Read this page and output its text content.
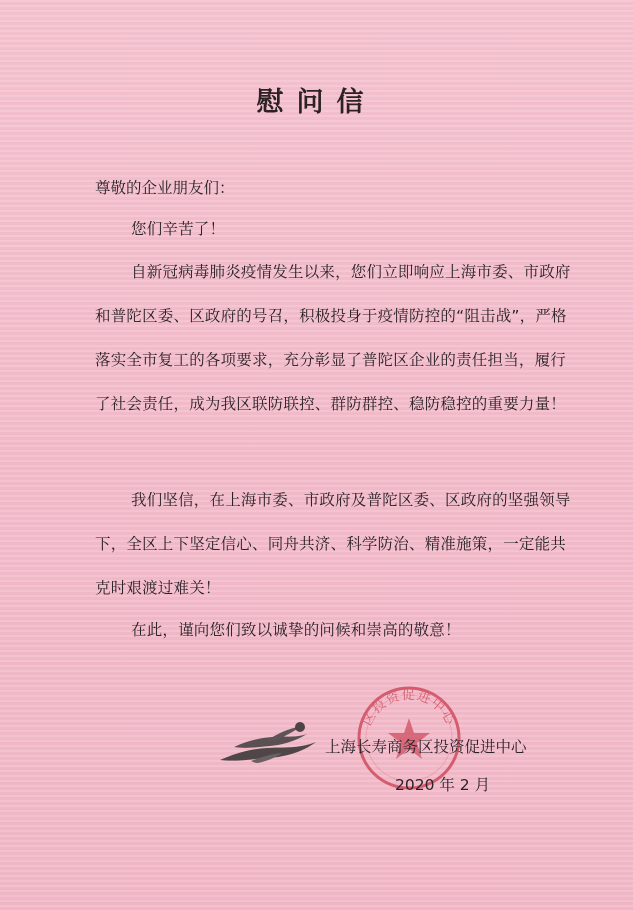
慰问信
尊敬的企业朋友们：
您们辛苦了！
自新冠病毒肺炎疫情发生以来，您们立即响应上海市委、市政府和普陀区委、区政府的号召，积极投身于疫情防控的“阻击战”，严格落实全市复工的各项要求，充分彰显了普陀区企业的责任担当，履行了社会责任，成为我区联防联控、群防群控、稳防稳控的重要力量！
我们坚信，在上海市委、市政府及普陀区委、区政府的坚强领导下，全区上下坚定信心、同舟共济、科学防治、精准施策，一定能共克时艰渡过难关！
在此，谨向您们致以诚挚的问候和崇高的敬意！
区投资促进中心
上海长寿商务区投资促进中心
2020 年 2 月
